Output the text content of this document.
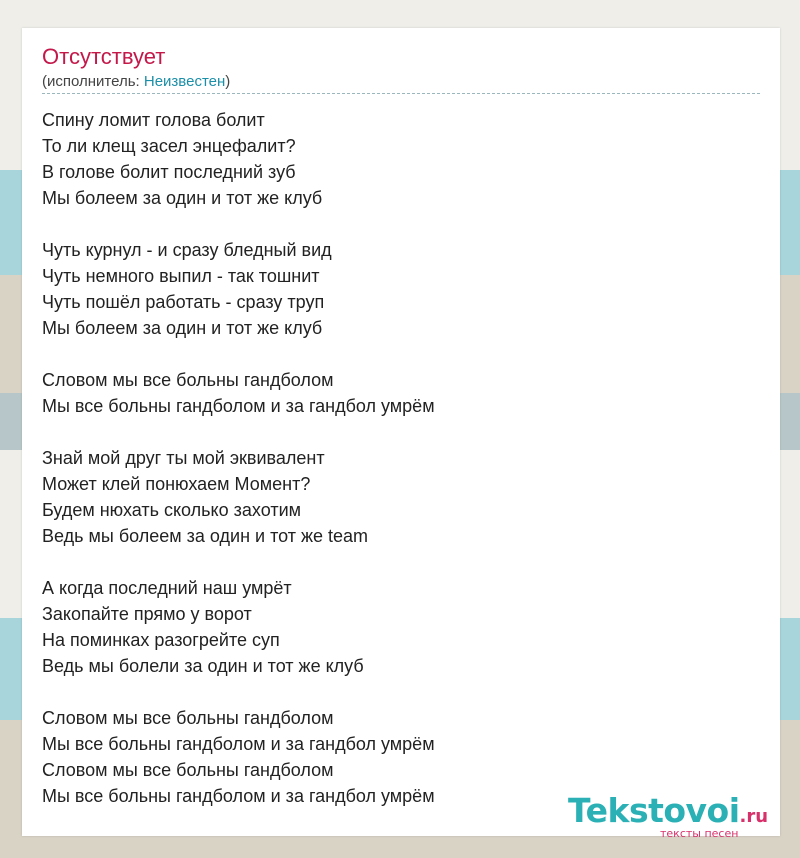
Отсутствует
(исполнитель: Неизвестен)
Спину ломит голова болит
То ли клещ засел энцефалит?
В голове болит последний зуб
Мы болеем за один и тот же клуб
Чуть курнул - и сразу бледный вид
Чуть немного выпил - так тошнит
Чуть пошёл работать - сразу труп
Мы болеем за один и тот же клуб
Словом мы все больны гандболом
Мы все больны гандболом и за гандбол умрём
Знай мой друг ты мой эквивалент
Может клей понюхаем Момент?
Будем нюхать сколько захотим
Ведь мы болеем за один и тот же team
А когда последний наш умрёт
Закопайте прямо у ворот
На поминках разогрейте суп
Ведь мы болели за один и тот же клуб
Словом мы все больны гандболом
Мы все больны гандболом и за гандбол умрём
Словом мы все больны гандболом
Мы все больны гандболом и за гандбол умрём	Tekstovoi.ru
тексты песен
